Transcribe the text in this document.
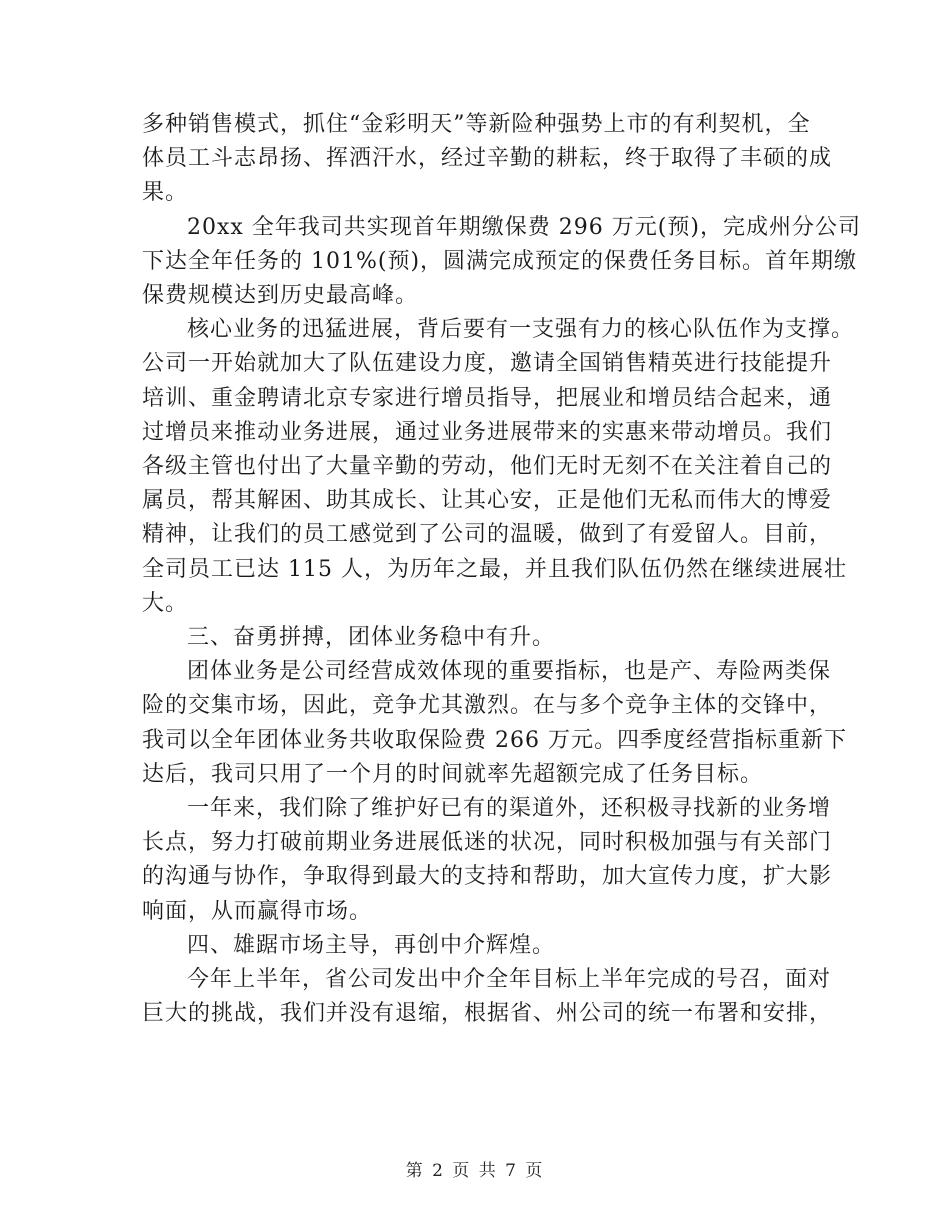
多种销售模式，抓住“金彩明天”等新险种强势上市的有利契机，全
体员工斗志昂扬、挥洒汗水，经过辛勤的耕耘，终于取得了丰硕的成
果。

20xx 全年我司共实现首年期缴保费 296 万元(预)，完成州分公司
下达全年任务的 101%(预)，圆满完成预定的保费任务目标。首年期缴
保费规模达到历史最高峰。

核心业务的迅猛进展，背后要有一支强有力的核心队伍作为支撑。
公司一开始就加大了队伍建设力度，邀请全国销售精英进行技能提升
培训、重金聘请北京专家进行增员指导，把展业和增员结合起来，通
过增员来推动业务进展，通过业务进展带来的实惠来带动增员。我们
各级主管也付出了大量辛勤的劳动，他们无时无刻不在关注着自己的
属员，帮其解困、助其成长、让其心安，正是他们无私而伟大的博爱
精神，让我们的员工感觉到了公司的温暖，做到了有爱留人。目前，
全司员工已达 115 人，为历年之最，并且我们队伍仍然在继续进展壮
大。

三、奋勇拼搏，团体业务稳中有升。

团体业务是公司经营成效体现的重要指标，也是产、寿险两类保
险的交集市场，因此，竞争尤其激烈。在与多个竞争主体的交锋中，
我司以全年团体业务共收取保险费 266 万元。四季度经营指标重新下
达后，我司只用了一个月的时间就率先超额完成了任务目标。

一年来，我们除了维护好已有的渠道外，还积极寻找新的业务增
长点，努力打破前期业务进展低迷的状况，同时积极加强与有关部门
的沟通与协作，争取得到最大的支持和帮助，加大宣传力度，扩大影
响面，从而赢得市场。

四、雄踞市场主导，再创中介辉煌。

今年上半年，省公司发出中介全年目标上半年完成的号召，面对
巨大的挑战，我们并没有退缩，根据省、州公司的统一布署和安排，

第 2 页 共 7 页
